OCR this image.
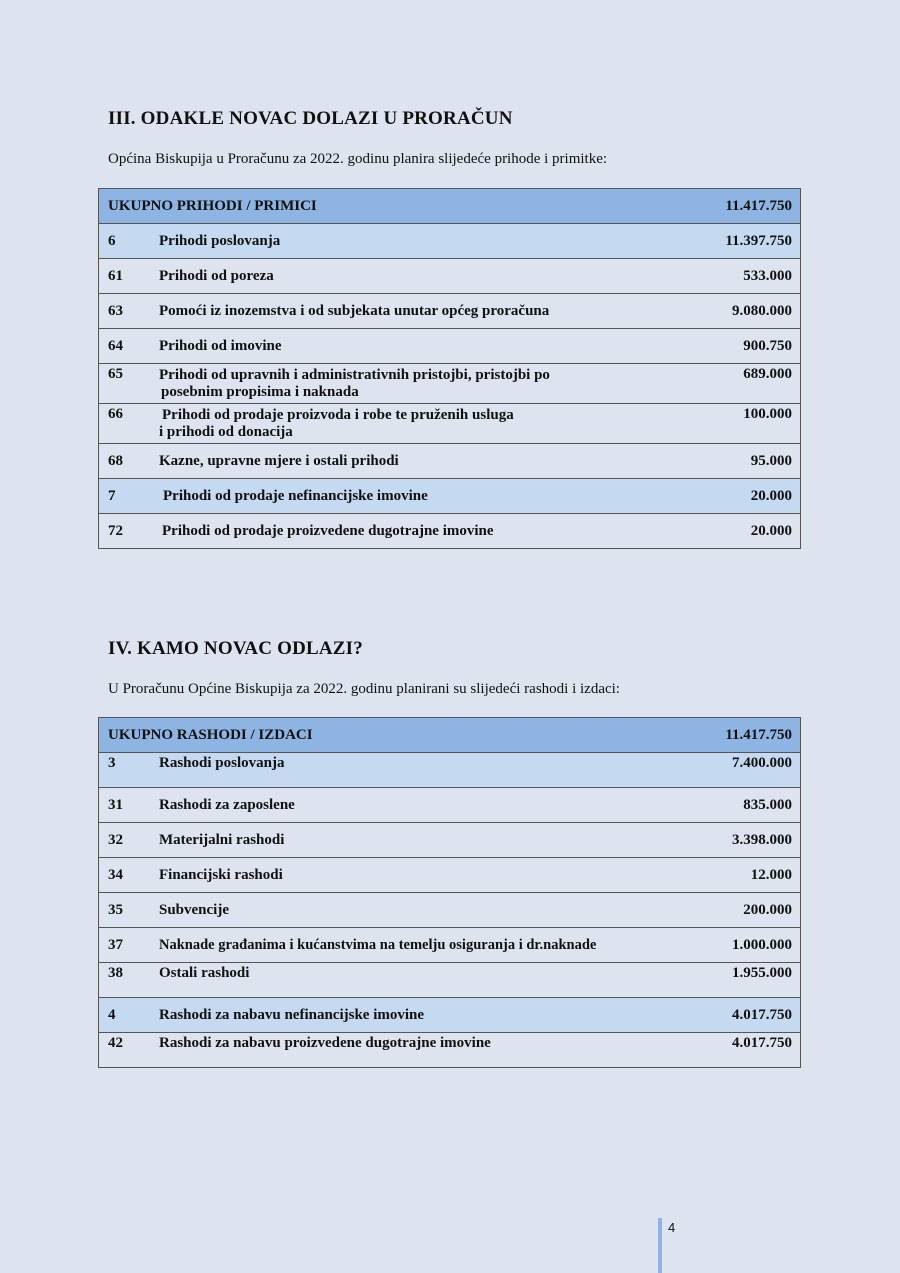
III. ODAKLE NOVAC DOLAZI U PRORAČUN

Općina Biskupija u Proračunu za 2022. godinu planira slijedeće prihode i primitke:

UKUPNO PRIHODI / PRIMICI		11.417.750
6	Prihodi poslovanja	11.397.750
61	Prihodi od poreza	533.000
63	Pomoći iz inozemstva i od subjekata unutar općeg proračuna	9.080.000
64	Prihodi od imovine	900.750
65	Prihodi od upravnih i administrativnih pristojbi, pristojbi po
posebnim propisima i naknada	689.000
66	Prihodi od prodaje proizvoda i robe te pruženih usluga
i prihodi od donacija	100.000
68	Kazne, upravne mjere i ostali prihodi	95.000
7	Prihodi od prodaje nefinancijske imovine	20.000
72	Prihodi od prodaje proizvedene dugotrajne imovine	20.000
IV. KAMO NOVAC ODLAZI?

U Proračunu Općine Biskupija za 2022. godinu planirani su slijedeći rashodi i izdaci:

UKUPNO RASHODI / IZDACI		11.417.750
3	Rashodi poslovanja	7.400.000
31	Rashodi za zaposlene	835.000
32	Materijalni rashodi	3.398.000
34	Financijski rashodi	12.000
35	Subvencije	200.000
37	Naknade građanima i kućanstvima na temelju osiguranja i dr.naknade	1.000.000
38	Ostali rashodi	1.955.000
4	Rashodi za nabavu nefinancijske imovine	4.017.750
42	Rashodi za nabavu proizvedene dugotrajne imovine	4.017.750
4
